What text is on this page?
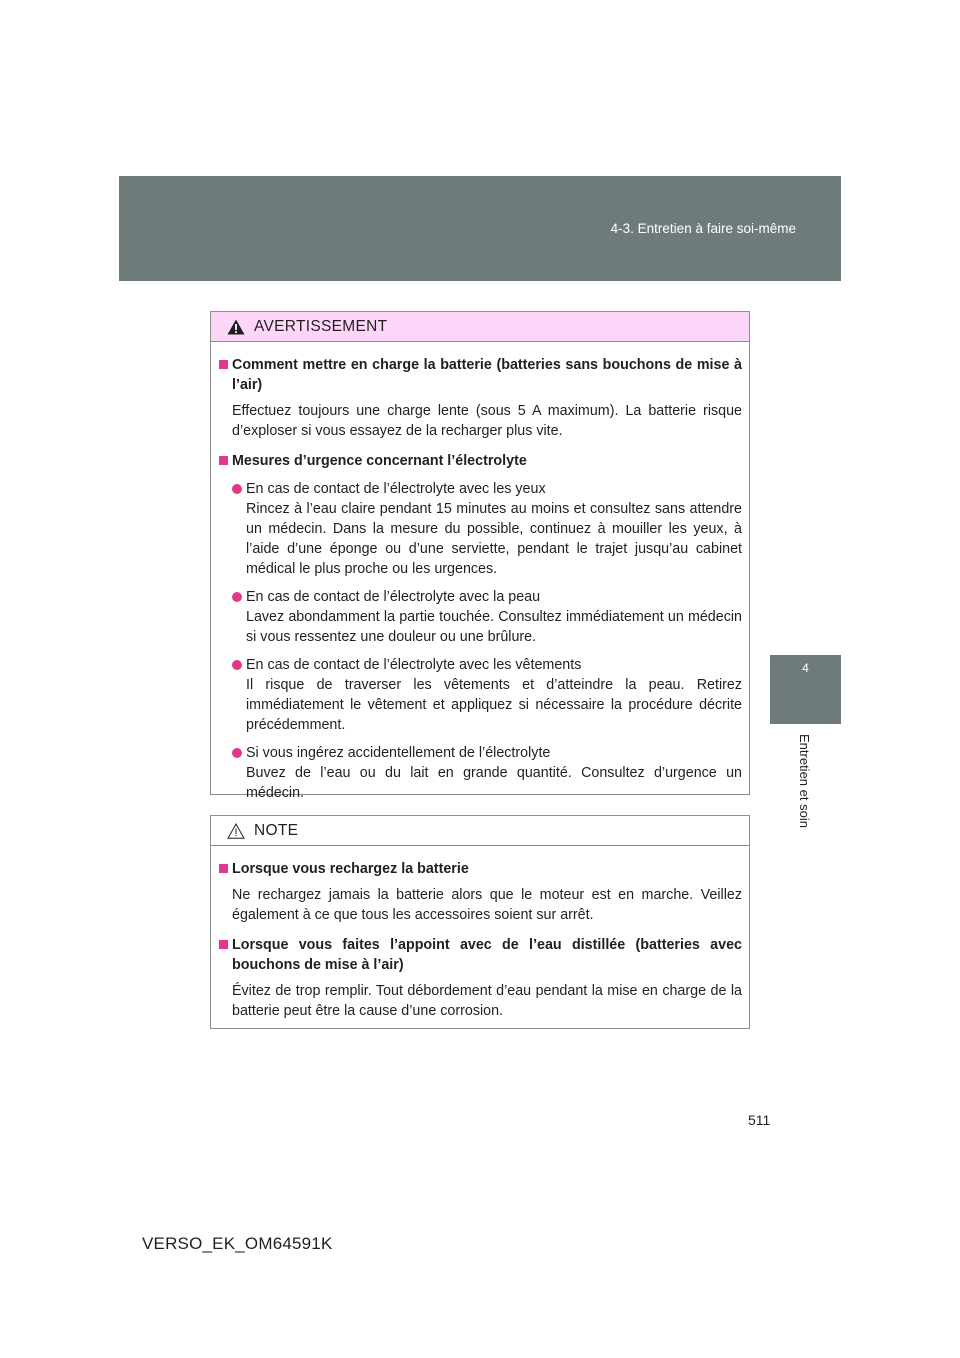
4-3. Entretien à faire soi-même
4
Entretien et soin
AVERTISSEMENT
Comment mettre en charge la batterie (batteries sans bouchons de mise à l’air)
Effectuez toujours une charge lente (sous 5 A maximum). La batterie risque d’exploser si vous essayez de la recharger plus vite.
Mesures d’urgence concernant l’électrolyte
En cas de contact de l’électrolyte avec les yeux
Rincez à l’eau claire pendant 15 minutes au moins et consultez sans attendre un médecin. Dans la mesure du possible, continuez à mouiller les yeux, à l’aide d’une éponge ou d’une serviette, pendant le trajet jusqu’au cabinet médical le plus proche ou les urgences.
En cas de contact de l’électrolyte avec la peau
Lavez abondamment la partie touchée. Consultez immédiatement un médecin si vous ressentez une douleur ou une brûlure.
En cas de contact de l’électrolyte avec les vêtements
Il risque de traverser les vêtements et d’atteindre la peau. Retirez immédiatement le vêtement et appliquez si nécessaire la procédure décrite précédemment.
Si vous ingérez accidentellement de l’électrolyte
Buvez de l’eau ou du lait en grande quantité. Consultez d’urgence un médecin.
NOTE
Lorsque vous rechargez la batterie
Ne rechargez jamais la batterie alors que le moteur est en marche. Veillez également à ce que tous les accessoires soient sur arrêt.
Lorsque vous faites l’appoint avec de l’eau distillée (batteries avec bouchons de mise à l’air)
Évitez de trop remplir. Tout débordement d’eau pendant la mise en charge de la batterie peut être la cause d’une corrosion.
511
VERSO_EK_OM64591K
